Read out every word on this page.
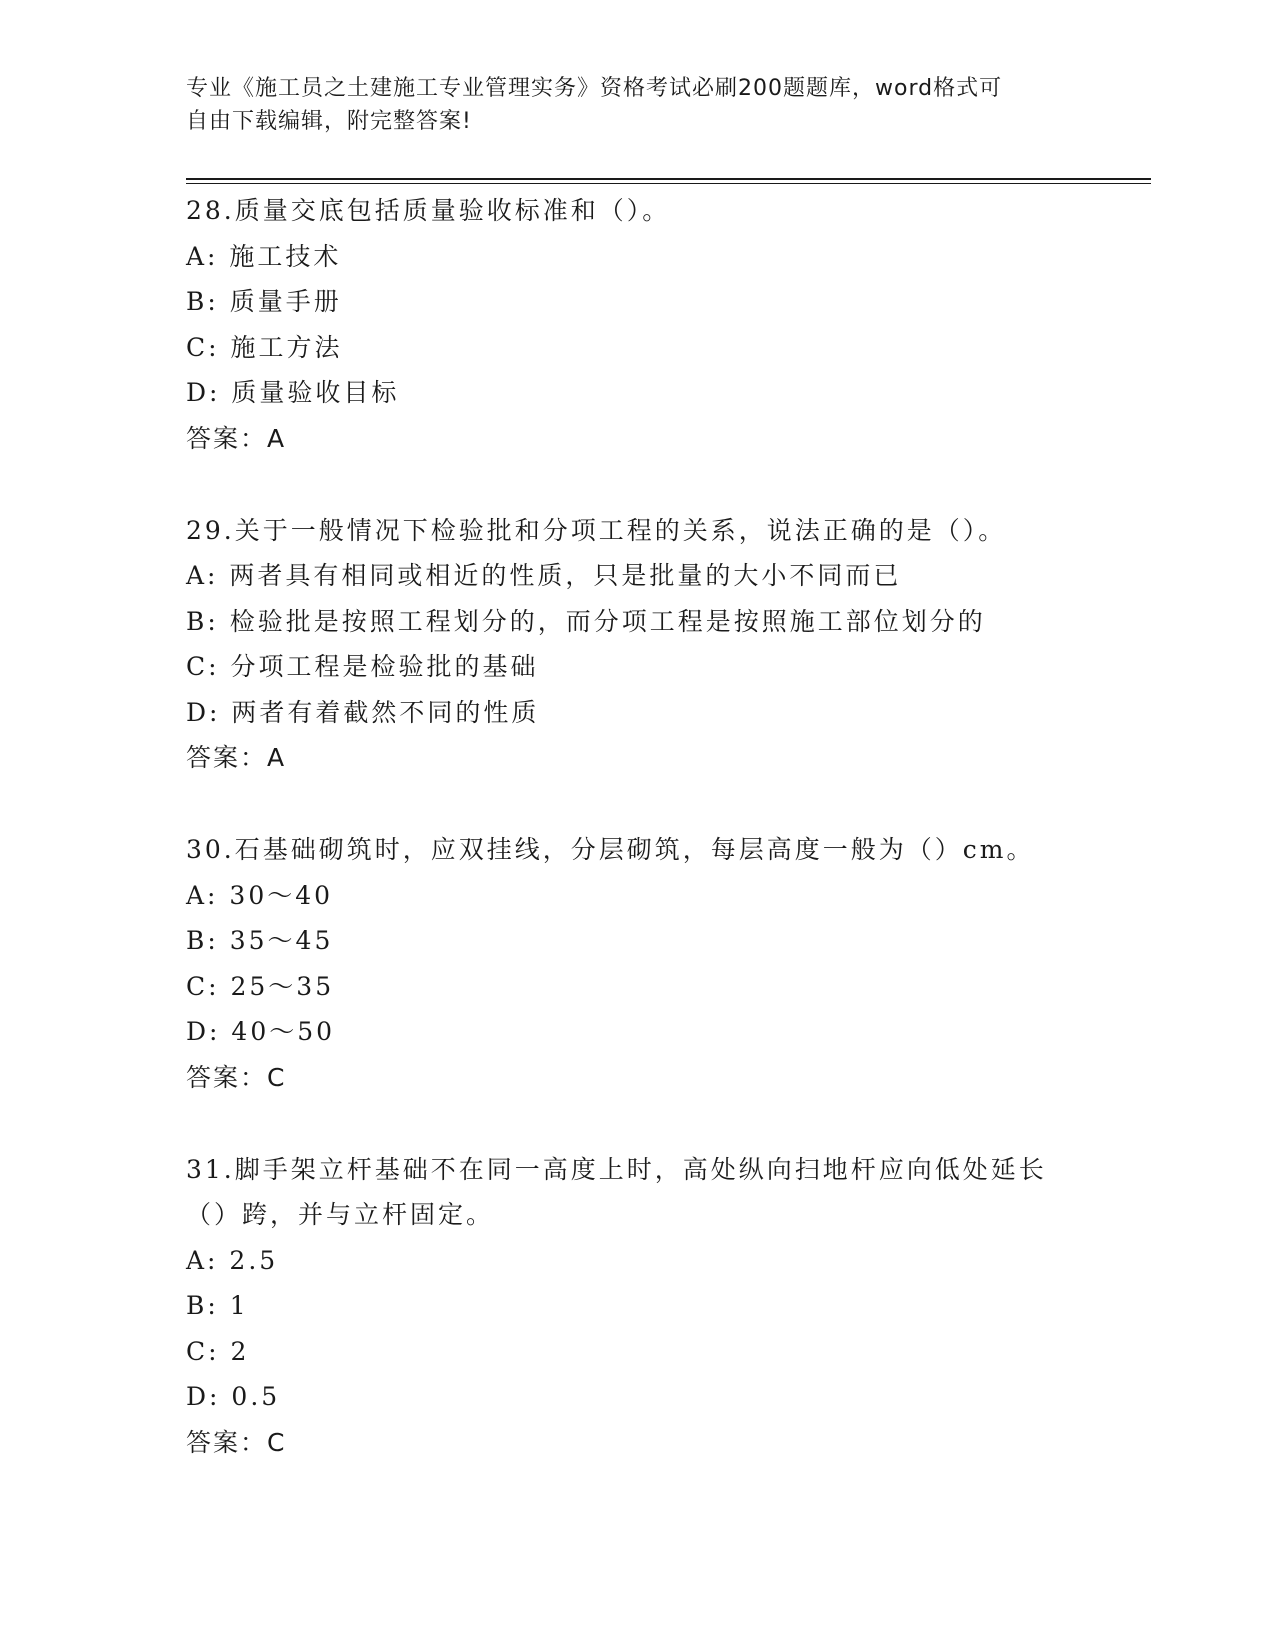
专业《施工员之土建施工专业管理实务》资格考试必刷200题题库，word格式可
自由下载编辑，附完整答案!
28.质量交底包括质量验收标准和（）。
A: 施工技术
B: 质量手册
C: 施工方法
D: 质量验收目标
答案：A
29.关于一般情况下检验批和分项工程的关系，说法正确的是（）。
A: 两者具有相同或相近的性质，只是批量的大小不同而已
B: 检验批是按照工程划分的，而分项工程是按照施工部位划分的
C: 分项工程是检验批的基础
D: 两者有着截然不同的性质
答案：A
30.石基础砌筑时，应双挂线，分层砌筑，每层高度一般为（）cm。
A: 30～40
B: 35～45
C: 25～35
D: 40～50
答案：C
31.脚手架立杆基础不在同一高度上时，高处纵向扫地杆应向低处延长
（）跨，并与立杆固定。
A: 2.5
B: 1
C: 2
D: 0.5
答案：C
